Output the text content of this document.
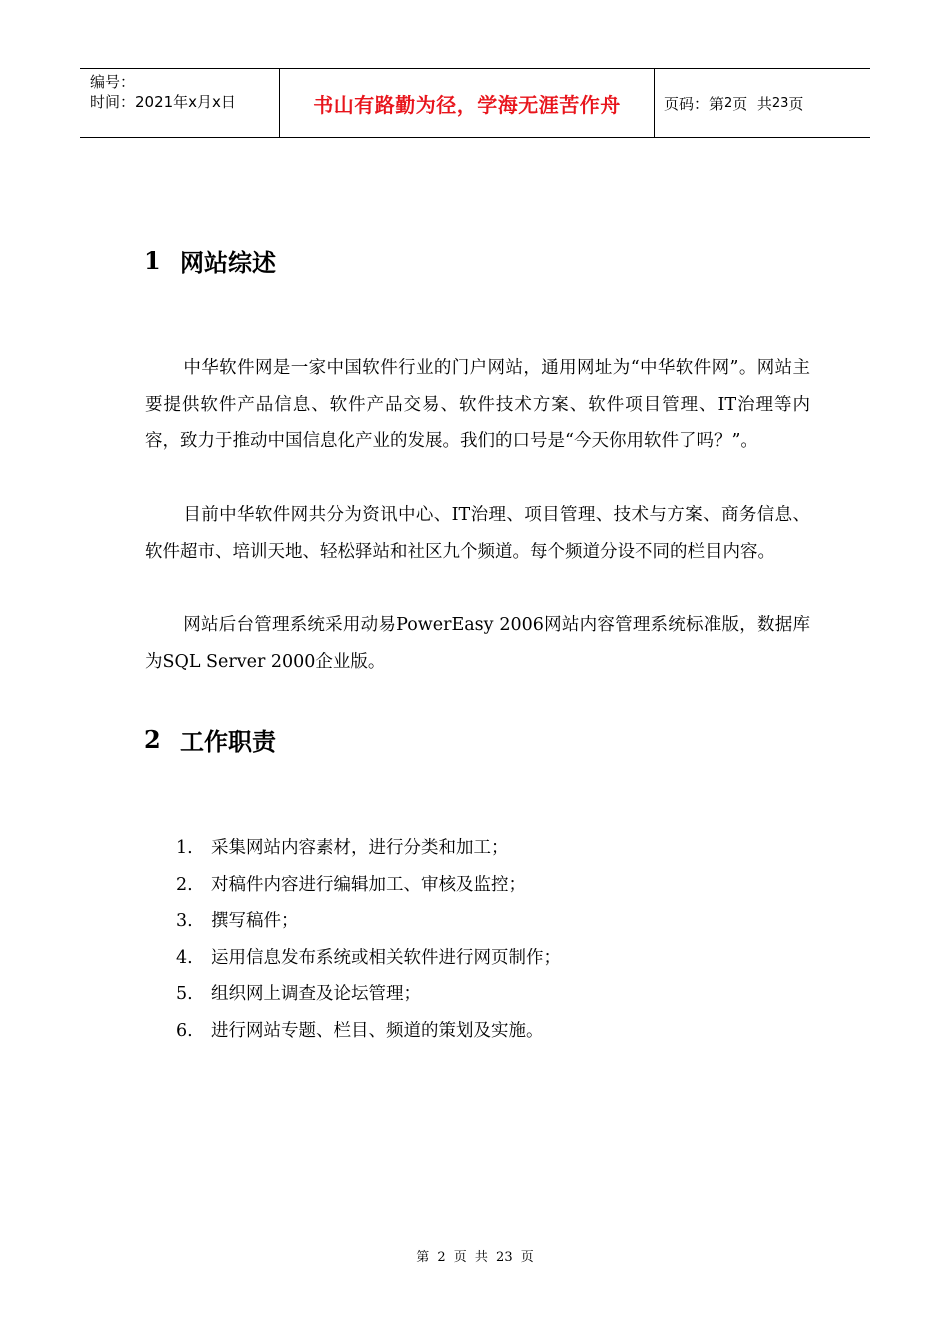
编号：
时间：2021年x月x日	书山有路勤为径，学海无涯苦作舟	页码：第 2 页  共 23 页
1 网站综述
中华软件网是一家中国软件行业的门户网站，通用网址为“中华软件网”。网站主要提供软件产品信息、软件产品交易、软件技术方案、软件项目管理、IT治理等内容，致力于推动中国信息化产业的发展。我们的口号是“今天你用软件了吗？”。
目前中华软件网共分为资讯中心、IT治理、项目管理、技术与方案、商务信息、软件超市、培训天地、轻松驿站和社区九个频道。每个频道分设不同的栏目内容。
网站后台管理系统采用动易PowerEasy 2006网站内容管理系统标准版，数据库为SQL Server 2000企业版。
2 工作职责
1.	采集网站内容素材，进行分类和加工；
2.	对稿件内容进行编辑加工、审核及监控；
3.	撰写稿件；
4.	运用信息发布系统或相关软件进行网页制作；
5.	组织网上调查及论坛管理；
6.	进行网站专题、栏目、频道的策划及实施。
第 2 页 共 23 页
